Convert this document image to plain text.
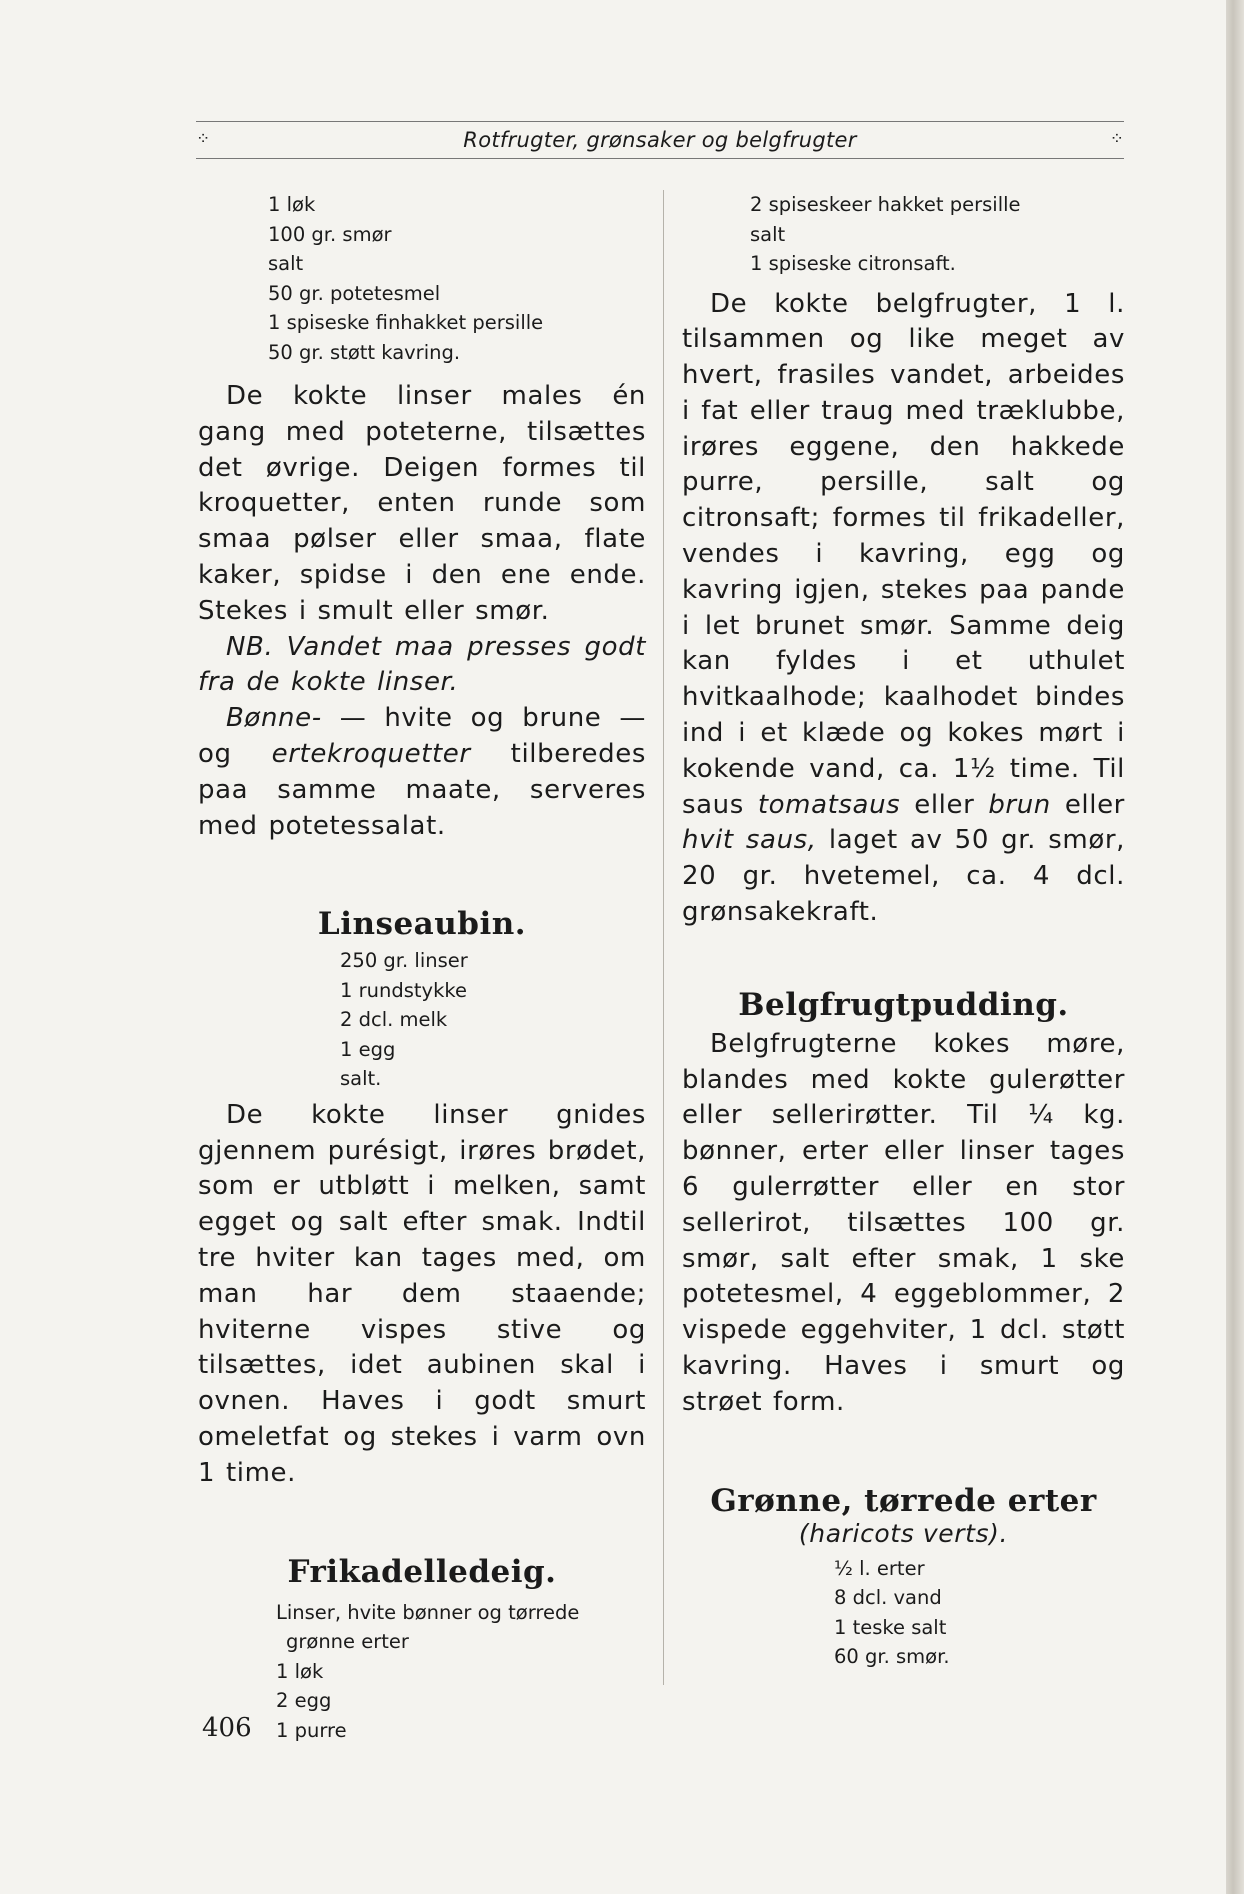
⁘	Rotfrugter, grønsaker og belgfrugter	⁘
1 løk
100 gr. smør
salt
50 gr. potetesmel
1 spiseske finhakket persille
50 gr. støtt kavring.

De kokte linser males én gang med poteterne, tilsættes det øvrige. Deigen formes til kroquetter, enten runde som smaa pølser eller smaa, flate kaker, spidse i den ene ende. Stekes i smult eller smør.

NB. Vandet maa presses godt fra de kokte linser.

Bønne- — hvite og brune — og ertekroquetter tilberedes paa samme maate, serveres med potetessalat.

Linseaubin.
250 gr. linser
1 rundstykke
2 dcl. melk
1 egg
salt.

De kokte linser gnides gjennem purésigt, irøres brødet, som er utbløtt i melken, samt egget og salt efter smak. Indtil tre hviter kan tages med, om man har dem staaende; hviterne vispes stive og tilsættes, idet aubinen skal i ovnen. Haves i godt smurt omeletfat og stekes i varm ovn 1 time.

Frikadelledeig.
Linser, hvite bønner og tørrede
grønne erter
1 løk
2 egg
1 purre
2 spiseskeer hakket persille
salt
1 spiseske citronsaft.

De kokte belgfrugter, 1 l. tilsammen og like meget av hvert, frasiles vandet, arbeides i fat eller traug med træklubbe, irøres eggene, den hakkede purre, persille, salt og citronsaft; formes til frikadeller, vendes i kavring, egg og kavring igjen, stekes paa pande i let brunet smør. Samme deig kan fyldes i et uthulet hvitkaalhode; kaalhodet bindes ind i et klæde og kokes mørt i kokende vand, ca. 1½ time. Til saus tomatsaus eller brun eller hvit saus, laget av 50 gr. smør, 20 gr. hvetemel, ca. 4 dcl. grønsakekraft.

Belgfrugtpudding.

Belgfrugterne kokes møre, blandes med kokte gulerøtter eller sellerirøtter. Til ¼ kg. bønner, erter eller linser tages 6 gulerrøtter eller en stor sellerirot, tilsættes 100 gr. smør, salt efter smak, 1 ske potetesmel, 4 eggeblommer, 2 vispede eggehviter, 1 dcl. støtt kavring. Haves i smurt og strøet form.

Grønne, tørrede erter

(haricots verts).

½ l. erter
8 dcl. vand
1 teske salt
60 gr. smør.
406
